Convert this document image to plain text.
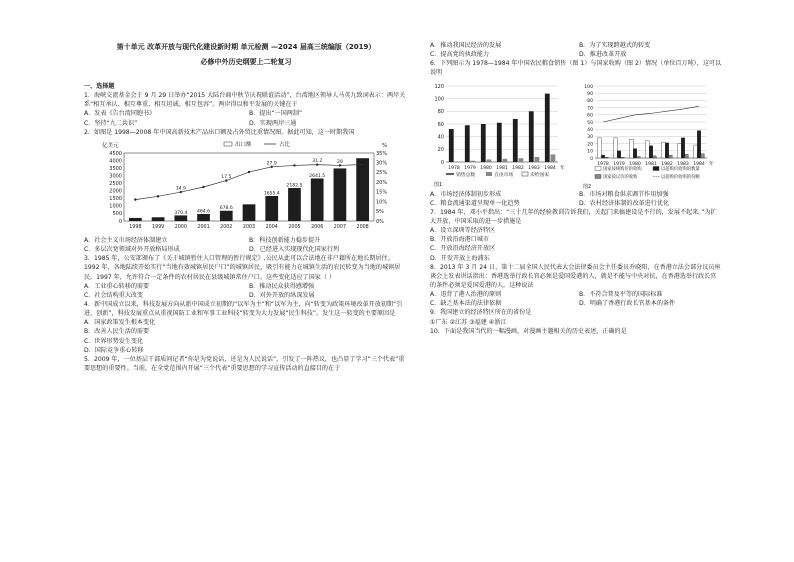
第十单元 改革开放与现代化建设新时期 单元检测 —2024 届高三统编版（2019）
必修中外历史纲要上二轮复习
一、选择题

1．海峡交流基金会于 9 月 29 日举办“2015 大陆台商中秋节庆祝联谊活动”，台湾地区领导人马英九致词表示：两岸关系“相互承认、相互尊重、相互坦诚、相互包容”。两岸得以和平发展的关键在于

A．发表《告台湾同胞书》	B．提出“一国两制”
C．坚持“九二共识”	D．实现两岸三通

2．如图是 1998—2008 年中国高新技术产品出口额及占外贸比重情况图。据此可知，这一时期我国

亿美元	%
出口额	占比
0
500
1000
1500
2000
2500
3000
3500
4000
4500
0%
5%
10%
15%
20%
25%
30%
35%
1998 1999 2000
370.4
14.9
2001
464.6
2002
678.6
17.5
2003 2004
1655.4
27.9
2005
2182.5
2006
2641.5
31.2
2007
29
2008
29.1
A．社会主义市场经济体制建立	B．科技创新能力稳步提升
C．多层次宽领域对外开放格局形成	D．已经进入实现现代化国家行列

3．1985 年，公安部颁布了《关于城镇暂住人口管理的暂行规定》,公民从此可以合法地在非户籍所在地长期居住。1992 年，各地陆续开始实行“当地有效城镇居民户口”的城镇居民，吸引有能力在城镇生活的农民转变为当地的城镇居民。1997 年，允许符合一定条件的农村居民在县级城镇常住户口。这些变化适应了国家（ ）

A．工业重心转移的需要	B．推动民众获得感增强
C．社会结构重大改变	D．对外开放的纵深发展

4．新中国成立以来，科技发展方向从新中国成立初期的“以军为主”和“以军为主，向“转变为政策环境改革开放初期“引进、创新”，科技发展重点从重视国防工业和军事工业科技“转变为大力发展“民生科技”。发生这一转变的主要原因是

A．国家政策发生根本变化
B．改善人民生活的需要
C．世界形势发生变化
D．国际竞争重心转移

5．2009 年，一位基层干部质问记者“你是为党说话，还是为人民说话”，引发了一阵热议，也凸显了学习“三个代表”重要思想的重要性。当前，在全党范围内开展“三个代表”重要思想的学习宣传活动的直接目的在于

A．推动我国民经济的发展	B．为了实现跨越式的转变
C．提高党的执政能力	D．推进改革开放

6．下列图示为 1978—1984 年中国农民粮食销售（图 1）与国家收购（图 2）情况（单位百万吨），这可以说明

0
20
40
60
80
100
120
1978 1979 1980 1981 1982 1983 1984 年
销售总数	自由市场	卖给国家
图1
0
10
20
30
40
50
60
70
80
90
100
1978 1979 1980 1981 1982 1983 1984 年
国家按统购价的收购	以超购价收购的数量
国家按议价的收购	以超购价收购的份额
图2
A．市场经济体制初步形成	B．市场对粮食供求调节作用加强
C．粮食流通渠道呈现单一化趋势	D．农村经济体制的改革进行优化

7．1984 年，邓小平指出：“三十几年的经验教训告诉我们，关起门来搞建设是不行的，发展不起来。”为扩大开放，中国采取的进一步措施是

A．设立深圳等经济特区
B．开放沿海港口城市
C．开放沿海经济开放区
D．开发开放上海浦东

8．2013 年 3 月 24 日，第十二届全国人民代表大会法律委员会主任委员乔晓阳，在香港立法会部分议员座谈会上发表讲话指出：香港选举行政长官必须是爱国爱港的人，就是不能与中央对抗，在香港选举行政长官的条件必须是爱国爱港的人。这种说法

A．违背了港人治港的原则	B．不符合普及平等的国际标准
C．缺乏基本法的法律依据	D．明确了香港行政长官基本的条件

9．我国建立的经济特区所在的省份是

①广东 ②江苏 ③福建 ④浙江

10．下面是我国当代的一幅漫画，对漫画主题相关的历史表述，正确的是
